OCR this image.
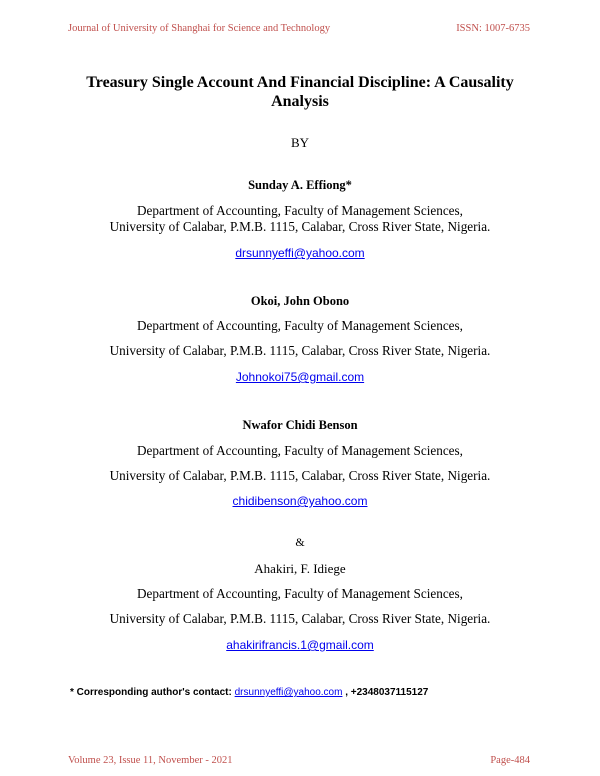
Journal of University of Shanghai for Science and Technology	ISSN: 1007-6735
Treasury Single Account And Financial Discipline: A Causality Analysis
BY
Sunday A. Effiong*
Department of Accounting, Faculty of Management Sciences,
University of Calabar, P.M.B. 1115, Calabar, Cross River State, Nigeria.
drsunnyeffi@yahoo.com
Okoi, John Obono
Department of Accounting, Faculty of Management Sciences,
University of Calabar, P.M.B. 1115, Calabar, Cross River State, Nigeria.
Johnokoi75@gmail.com
Nwafor Chidi Benson
Department of Accounting, Faculty of Management Sciences,
University of Calabar, P.M.B. 1115, Calabar, Cross River State, Nigeria.
chidibenson@yahoo.com
&
Ahakiri, F. Idiege
Department of Accounting, Faculty of Management Sciences,
University of Calabar, P.M.B. 1115, Calabar, Cross River State, Nigeria.
ahakirifrancis.1@gmail.com
* Corresponding author's contact: drsunnyeffi@yahoo.com , +2348037115127
Volume 23, Issue 11, November - 2021	Page-484
